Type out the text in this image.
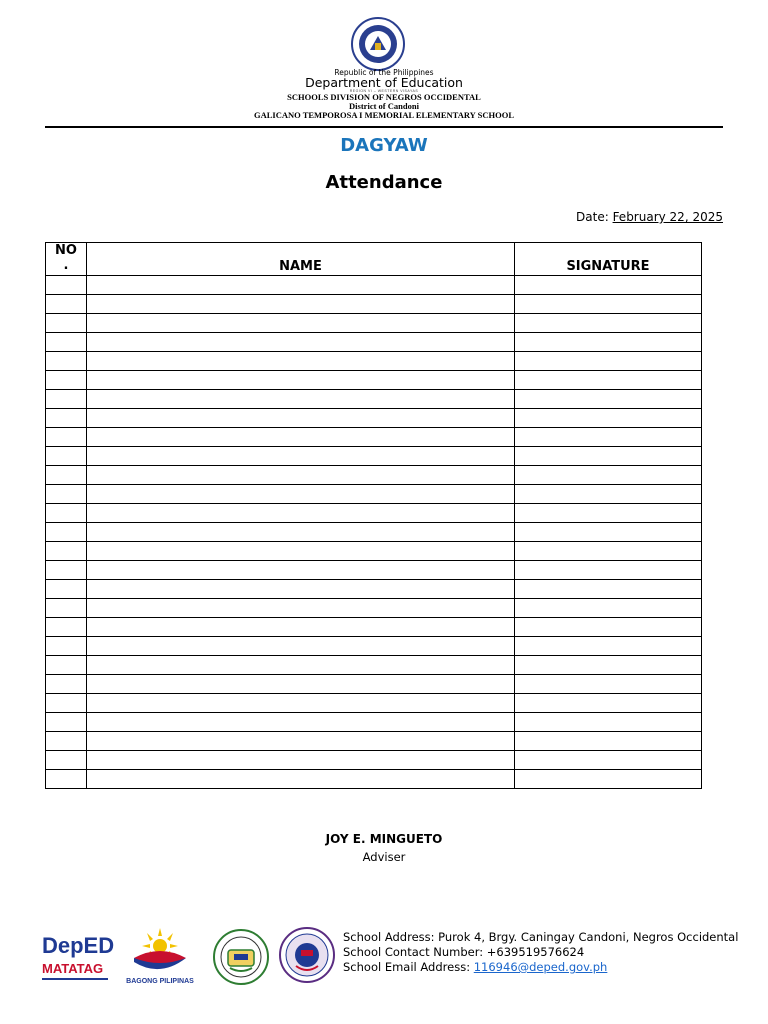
Republic of the Philippines
Department of Education
REGION VI – WESTERN VISAYAS
SCHOOLS DIVISION OF NEGROS OCCIDENTAL
District of Candoni
GALICANO TEMPOROSA I MEMORIAL ELEMENTARY SCHOOL
DAGYAW
Attendance
Date: February 22, 2025
NO
.	NAME	SIGNATURE

JOY E. MINGUETO
Adviser
DepED
MATATAG
BAGONG PILIPINAS
School Address: Purok 4, Brgy. Caningay Candoni, Negros Occidental
School Contact Number: +639519576624
School Email Address: 116946@deped.gov.ph
